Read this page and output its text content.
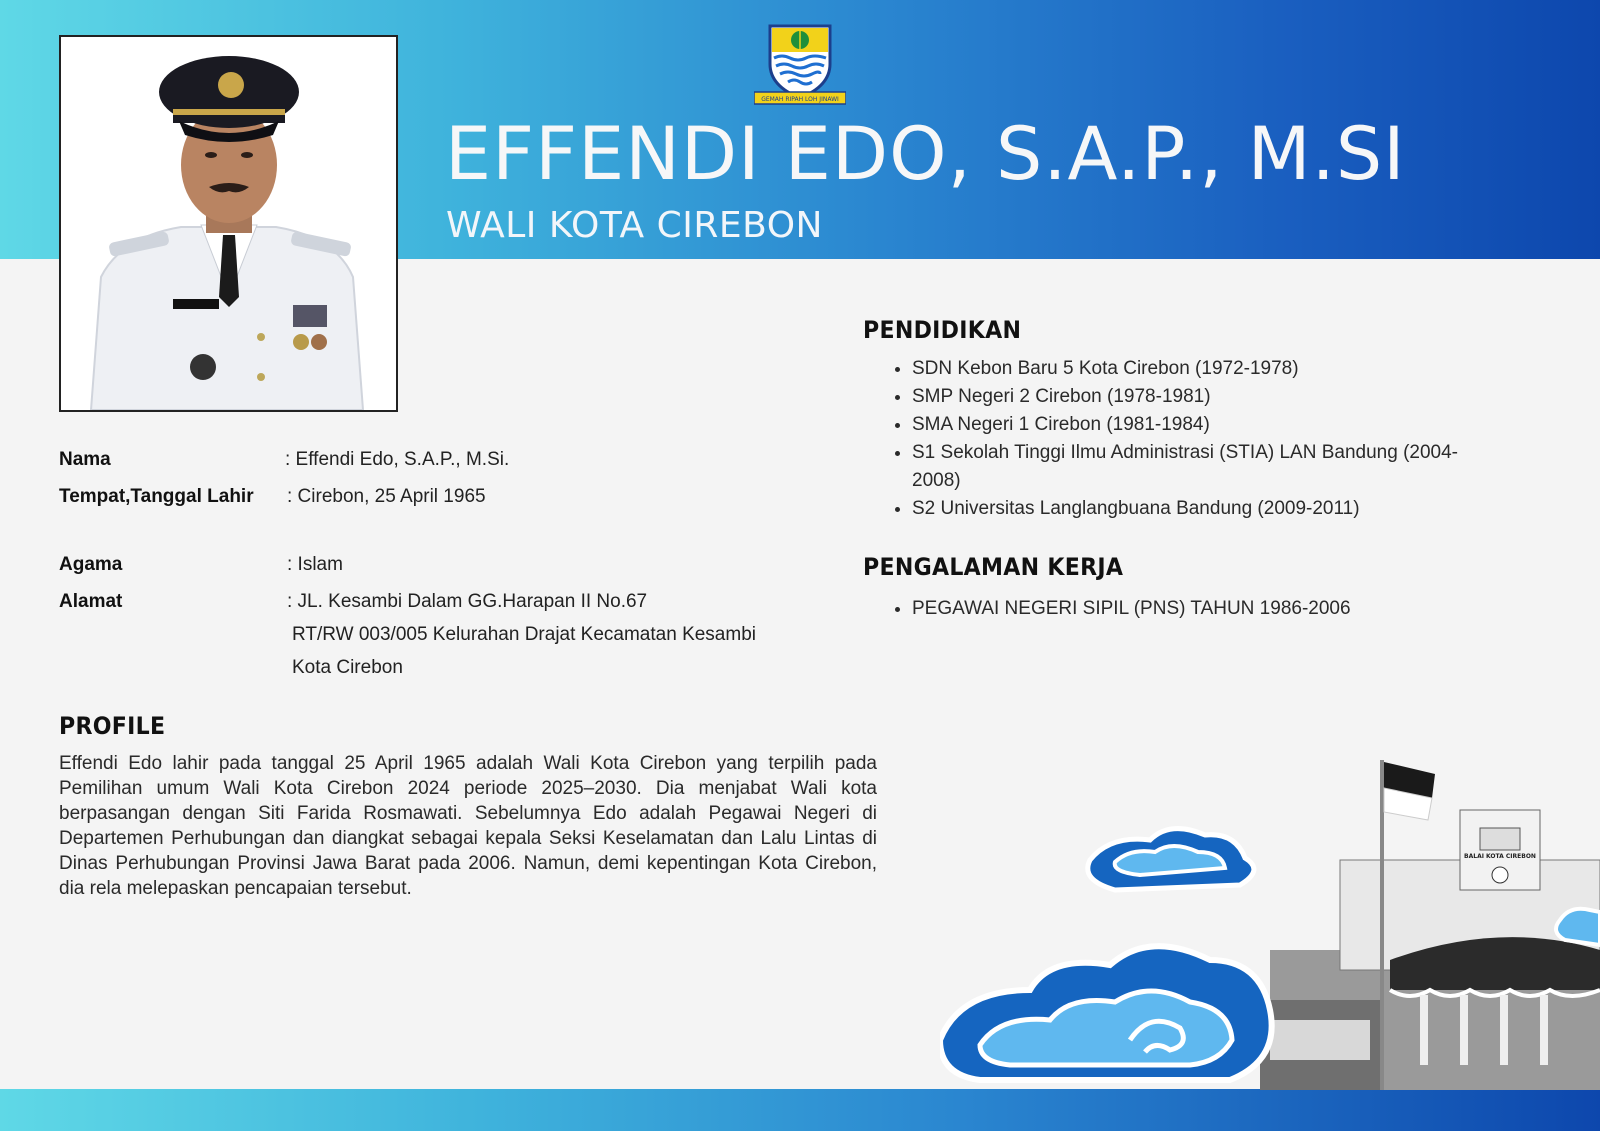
GEMAH RIPAH LOH JINAWI
EFFENDI EDO, S.A.P., M.SI
WALI KOTA CIREBON
Nama	: Effendi Edo, S.A.P., M.Si.
Tempat,Tanggal Lahir : Cirebon, 25 April 1965
Agama	: Islam
Alamat	: JL. Kesambi Dalam GG.Harapan II No.67
RT/RW 003/005 Kelurahan Drajat Kecamatan Kesambi
Kota Cirebon
PROFILE
Effendi Edo lahir pada tanggal 25 April 1965 adalah Wali Kota Cirebon yang terpilih pada Pemilihan umum Wali Kota Cirebon 2024 periode 2025–2030. Dia menjabat Wali kota berpasangan dengan Siti Farida Rosmawati. Sebelumnya Edo adalah Pegawai Negeri di Departemen Perhubungan dan diangkat sebagai kepala Seksi Keselamatan dan Lalu Lintas di Dinas Perhubungan Provinsi Jawa Barat pada 2006. Namun, demi kepentingan Kota Cirebon, dia rela melepaskan pencapaian tersebut.
PENDIDIKAN
• SDN Kebon Baru 5 Kota Cirebon (1972-1978)
• SMP Negeri 2 Cirebon (1978-1981)
• SMA Negeri 1 Cirebon (1981-1984)
• S1 Sekolah Tinggi Ilmu Administrasi (STIA) LAN Bandung (2004-2008)
• S2 Universitas Langlangbuana Bandung (2009-2011)
PENGALAMAN KERJA
• PEGAWAI NEGERI SIPIL (PNS) TAHUN 1986-2006
BALAI KOTA CIREBON
